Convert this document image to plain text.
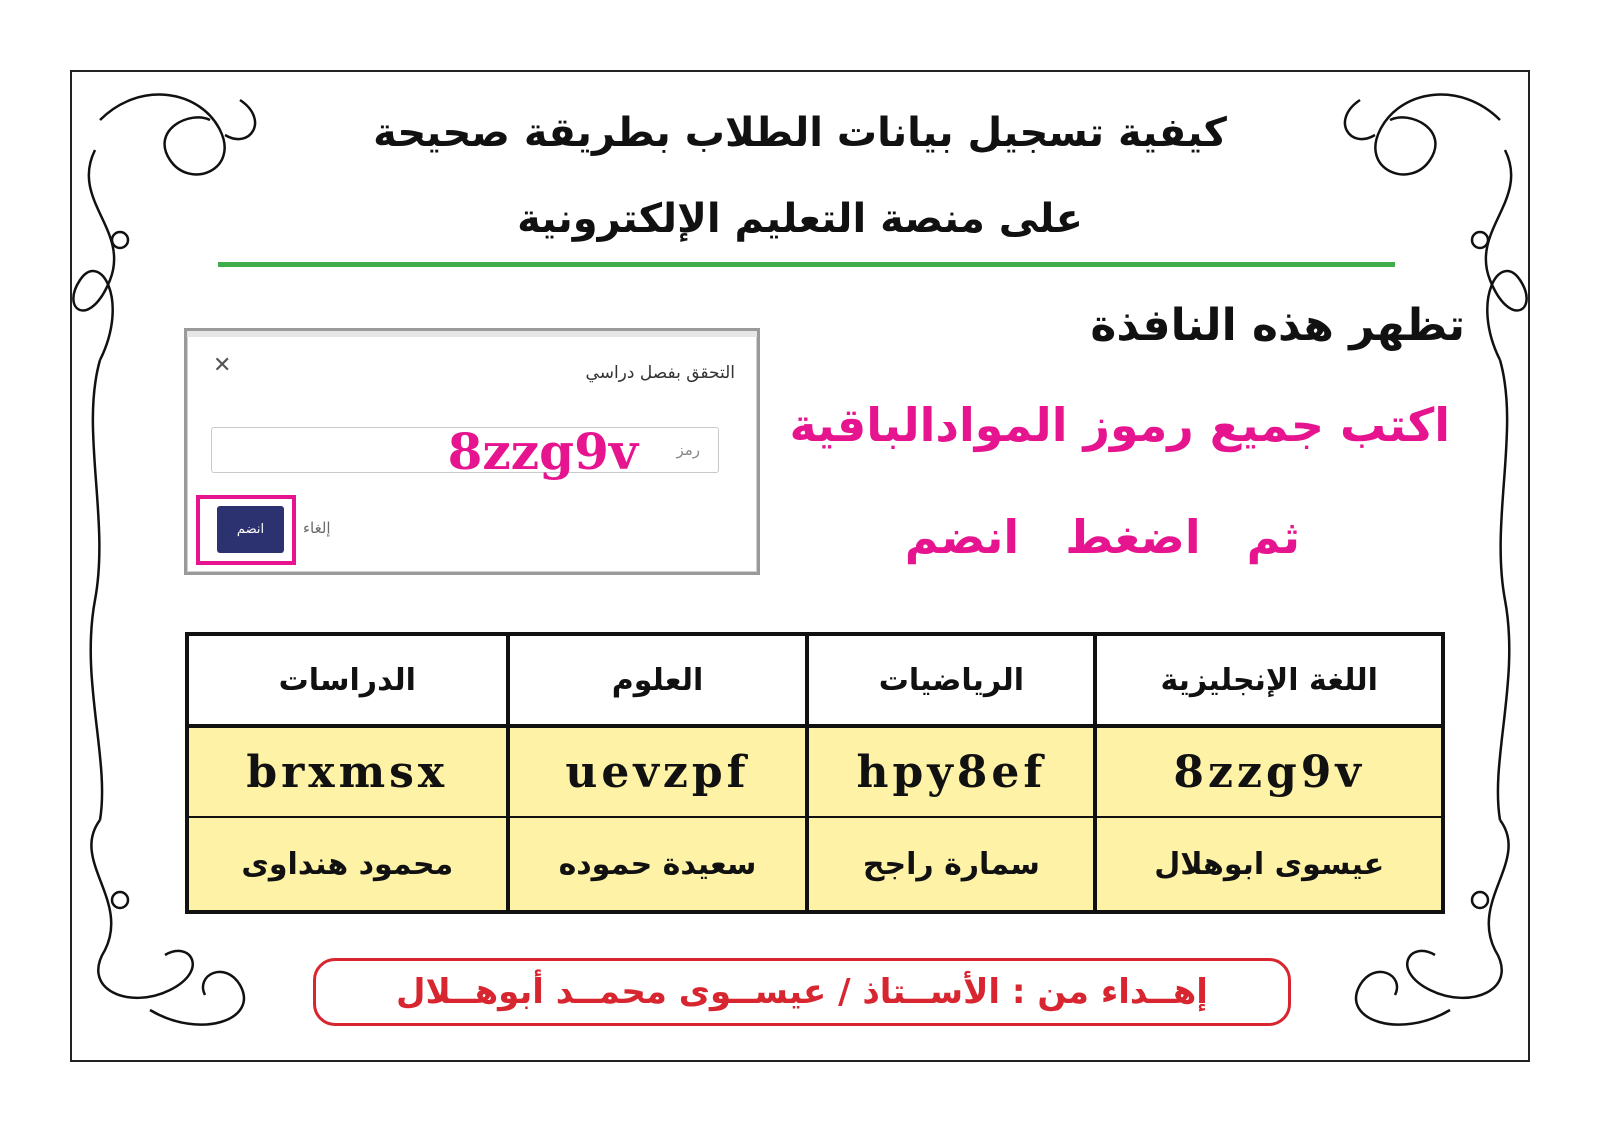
كيفية تسجيل بيانات الطلاب بطريقة صحيحة
على منصة التعليم الإلكترونية
تظهر هذه النافذة
اكتب جميع رموز الموادالباقية
ثم اضغط انضم
التحقق بفصل دراسي
✕
رمز
8zzg9v
إلغاء
انضم
اللغة الإنجليزية	الرياضيات	العلوم	الدراسات
8zzg9v	hpy8ef	uevzpf	brxmsx
عيسوى ابوهلال	سمارة راجح	سعيدة حموده	محمود هنداوى
إهــداء من : الأســتاذ / عيســوى محمــد أبوهــلال
